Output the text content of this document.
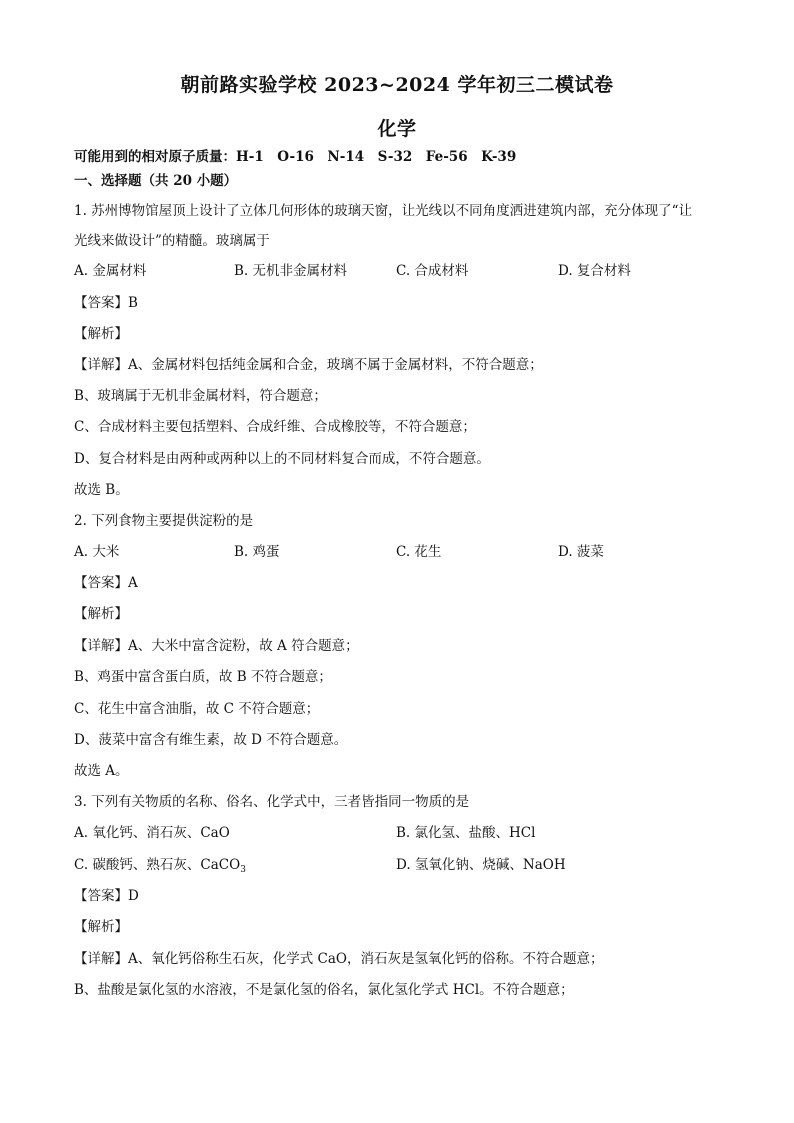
朝前路实验学校 2023~2024 学年初三二模试卷
化学
可能用到的相对原子质量：H-1　O-16　N-14　S-32　Fe-56　K-39
一、选择题（共 20 小题）
1. 苏州博物馆屋顶上设计了立体几何形体的玻璃天窗，让光线以不同角度洒进建筑内部，充分体现了“让
光线来做设计”的精髓。玻璃属于
A. 金属材料	B. 无机非金属材料	C. 合成材料	D. 复合材料
【答案】B
【解析】
【详解】A、金属材料包括纯金属和合金，玻璃不属于金属材料，不符合题意；
B、玻璃属于无机非金属材料，符合题意；
C、合成材料主要包括塑料、合成纤维、合成橡胶等，不符合题意；
D、复合材料是由两种或两种以上的不同材料复合而成，不符合题意。
故选 B。
2. 下列食物主要提供淀粉的是
A. 大米	B. 鸡蛋	C. 花生	D. 菠菜
【答案】A
【解析】
【详解】A、大米中富含淀粉，故 A 符合题意；
B、鸡蛋中富含蛋白质，故 B 不符合题意；
C、花生中富含油脂，故 C 不符合题意；
D、菠菜中富含有维生素，故 D 不符合题意。
故选 A。
3. 下列有关物质的名称、俗名、化学式中，三者皆指同一物质的是
A. 氧化钙、消石灰、CaO	B. 氯化氢、盐酸、HCl
C. 碳酸钙、熟石灰、CaCO$_3$	D. 氢氧化钠、烧碱、NaOH
【答案】D
【解析】
【详解】A、氧化钙俗称生石灰，化学式 CaO，消石灰是氢氧化钙的俗称。不符合题意；
B、盐酸是氯化氢的水溶液，不是氯化氢的俗名，氯化氢化学式 HCl。不符合题意；
